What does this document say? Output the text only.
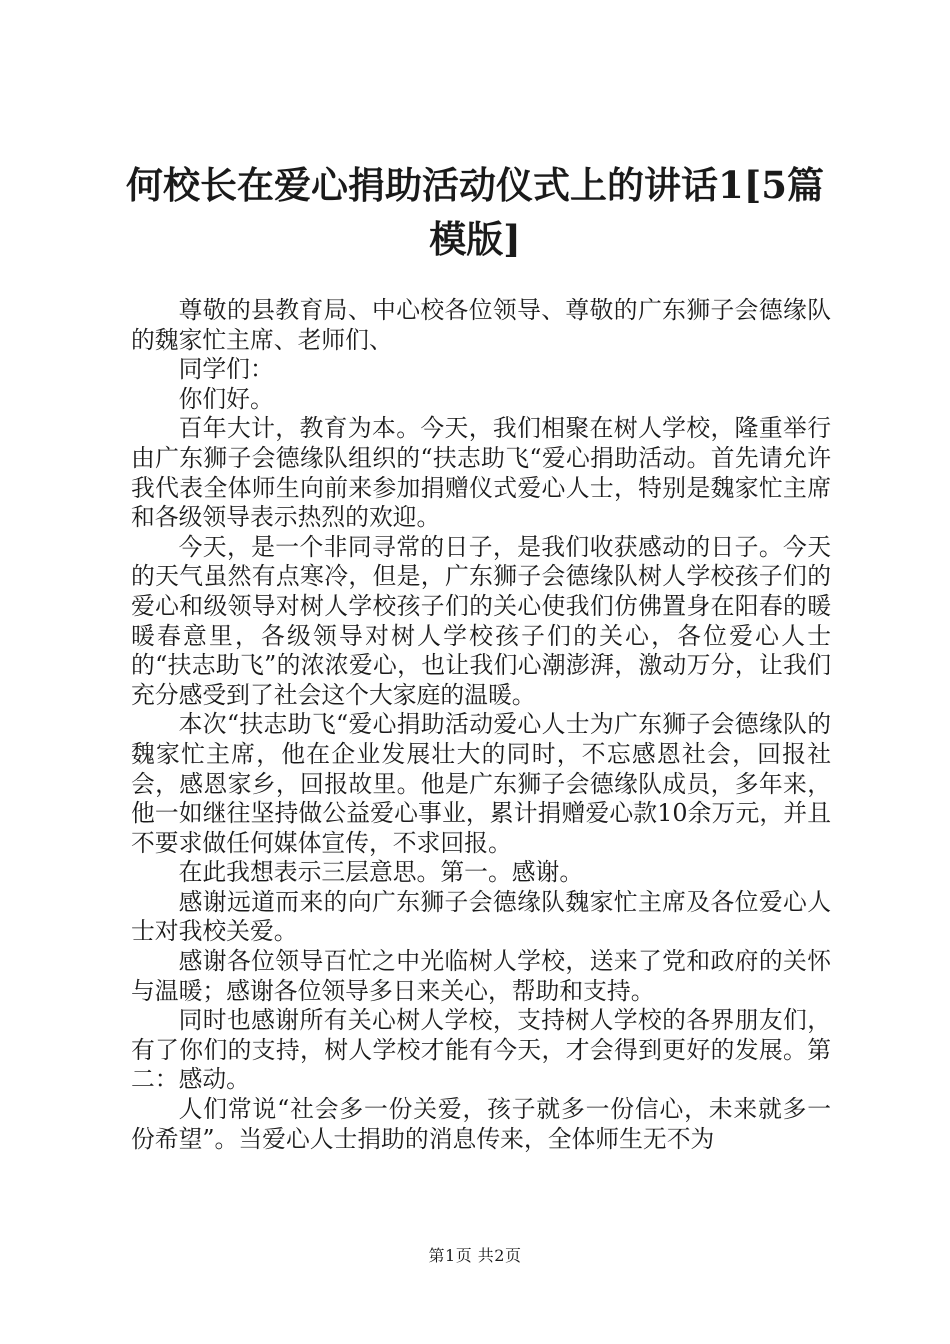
何校长在爱心捐助活动仪式上的讲话1[5篇模版]

尊敬的县教育局、中心校各位领导、尊敬的广东狮子会德缘队的魏家忙主席、老师们、

同学们：

你们好。

百年大计，教育为本。今天，我们相聚在树人学校，隆重举行由广东狮子会德缘队组织的“扶志助飞“爱心捐助活动。首先请允许我代表全体师生向前来参加捐赠仪式爱心人士，特别是魏家忙主席和各级领导表示热烈的欢迎。

今天，是一个非同寻常的日子，是我们收获感动的日子。今天的天气虽然有点寒冷，但是，广东狮子会德缘队树人学校孩子们的爱心和级领导对树人学校孩子们的关心使我们仿佛置身在阳春的暖暖春意里，各级领导对树人学校孩子们的关心，各位爱心人士的“扶志助飞”的浓浓爱心，也让我们心潮澎湃，激动万分，让我们充分感受到了社会这个大家庭的温暖。

本次“扶志助飞“爱心捐助活动爱心人士为广东狮子会德缘队的魏家忙主席，他在企业发展壮大的同时，不忘感恩社会，回报社会，感恩家乡，回报故里。他是广东狮子会德缘队成员，多年来，他一如继往坚持做公益爱心事业，累计捐赠爱心款10余万元，并且不要求做任何媒体宣传，不求回报。

在此我想表示三层意思。第一。感谢。

感谢远道而来的向广东狮子会德缘队魏家忙主席及各位爱心人士对我校关爱。

感谢各位领导百忙之中光临树人学校，送来了党和政府的关怀与温暖；感谢各位领导多日来关心，帮助和支持。

同时也感谢所有关心树人学校，支持树人学校的各界朋友们，有了你们的支持，树人学校才能有今天，才会得到更好的发展。第二：感动。

人们常说“社会多一份关爱，孩子就多一份信心，未来就多一份希望”。当爱心人士捐助的消息传来，全体师生无不为

第1页 共2页
